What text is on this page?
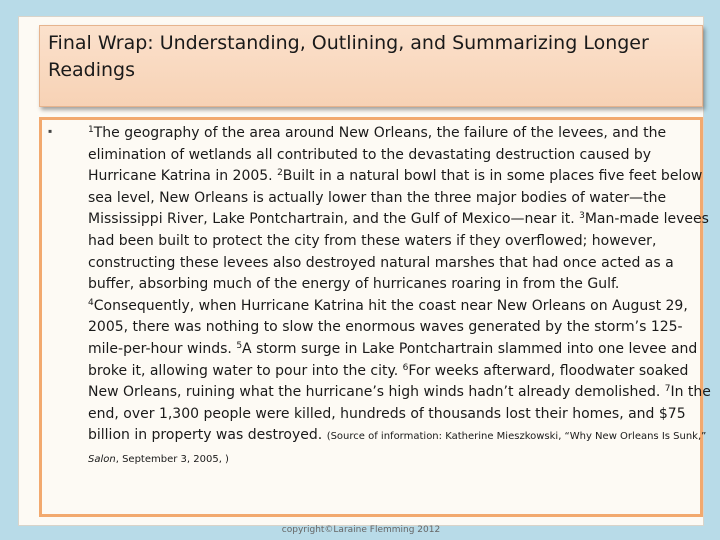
Final Wrap: Understanding, Outlining, and Summarizing Longer Readings
▪	$^1$The geography of the area around New Orleans, the failure of the levees, and the elimination of wetlands all contributed to the devastating destruction caused by Hurricane Katrina in 2005. $^2$Built in a natural bowl that is in some places five feet below sea level, New Orleans is actually lower than the three major bodies of water—the Mississippi River, Lake Pontchartrain, and the Gulf of Mexico—near it. $^3$Man-made levees had been built to protect the city from these waters if they overflowed; however, constructing these levees also destroyed natural marshes that had once acted as a buffer, absorbing much of the energy of hurricanes roaring in from the Gulf. $^4$Consequently, when Hurricane Katrina hit the coast near New Orleans on August 29, 2005, there was nothing to slow the enormous waves generated by the storm’s 125-mile-per-hour winds. $^5$A storm surge in Lake Pontchartrain slammed into one levee and broke it, allowing water to pour into the city. $^6$For weeks afterward, floodwater soaked New Orleans, ruining what the hurricane’s high winds hadn’t already demolished. $^7$In the end, over 1,300 people were killed, hundreds of thousands lost their homes, and $75 billion in property was destroyed. (Source of information: Katherine Mieszkowski, “Why New Orleans Is Sunk,” Salon, September 3, 2005, )

copyright©Laraine Flemming 2012
